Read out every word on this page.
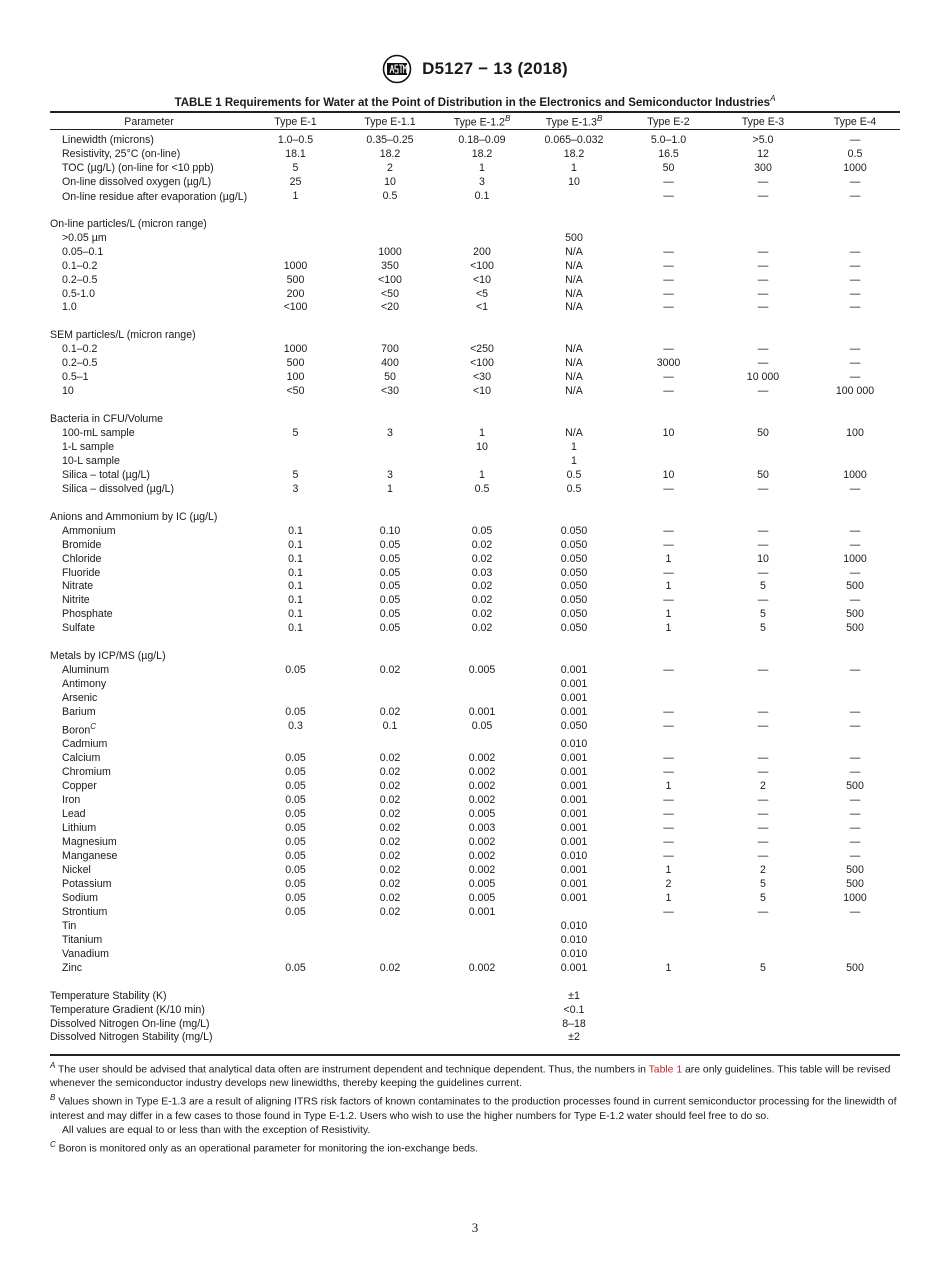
D5127 − 13 (2018)
TABLE 1 Requirements for Water at the Point of Distribution in the Electronics and Semiconductor Industries$^A$
Parameter	Type E-1	Type E-1.1	Type $E-1.2^B$	Type $E-1.3^B$	Type E-2	Type E-3	Type E-4
Linewidth (microns)	1.0–0.5	0.35–0.25	0.18–0.09	0.065–0.032	5.0–1.0	>5.0	—
Resistivity, 25°C (on-line)	18.1	18.2	18.2	18.2	16.5	12	0.5
TOC (µg/L) (on-line for <10 ppb)	5	2	1	1	50	300	1000
On-line dissolved oxygen (µg/L)	25	10	3	10	—	—	—
On-line residue after evaporation (µg/L)	1	0.5	0.1		—	—	—

On-line particles/L (micron range)							
>0.05 µm				500			
0.05–0.1		1000	200	N/A	—	—	—
0.1–0.2	1000	350	<100	N/A	—	—	—
0.2–0.5	500	<100	<10	N/A	—	—	—
0.5-1.0	200	<50	<5	N/A	—	—	—
1.0	<100	<20	<1	N/A	—	—	—

SEM particles/L (micron range)							
0.1–0.2	1000	700	<250	N/A	—	—	—
0.2–0.5	500	400	<100	N/A	3000	—	—
0.5–1	100	50	<30	N/A	—	10 000	—
10	<50	<30	<10	N/A	—	—	100 000

Bacteria in CFU/Volume							
100-mL sample	5	3	1	N/A	10	50	100
1-L sample			10	1			
10-L sample				1			
Silica – total (µg/L)	5	3	1	0.5	10	50	1000
Silica – dissolved (µg/L)	3	1	0.5	0.5	—	—	—

Anions and Ammonium by IC (µg/L)							
Ammonium	0.1	0.10	0.05	0.050	—	—	—
Bromide	0.1	0.05	0.02	0.050	—	—	—
Chloride	0.1	0.05	0.02	0.050	1	10	1000
Fluoride	0.1	0.05	0.03	0.050	—	—	—
Nitrate	0.1	0.05	0.02	0.050	1	5	500
Nitrite	0.1	0.05	0.02	0.050	—	—	—
Phosphate	0.1	0.05	0.02	0.050	1	5	500
Sulfate	0.1	0.05	0.02	0.050	1	5	500

Metals by ICP/MS (µg/L)							
Aluminum	0.05	0.02	0.005	0.001	—	—	—
Antimony				0.001			
Arsenic				0.001			
Barium	0.05	0.02	0.001	0.001	—	—	—
Boron$^C$	0.3	0.1	0.05	0.050	—	—	—
Cadmium				0.010			
Calcium	0.05	0.02	0.002	0.001	—	—	—
Chromium	0.05	0.02	0.002	0.001	—	—	—
Copper	0.05	0.02	0.002	0.001	1	2	500
Iron	0.05	0.02	0.002	0.001	—	—	—
Lead	0.05	0.02	0.005	0.001	—	—	—
Lithium	0.05	0.02	0.003	0.001	—	—	—
Magnesium	0.05	0.02	0.002	0.001	—	—	—
Manganese	0.05	0.02	0.002	0.010	—	—	—
Nickel	0.05	0.02	0.002	0.001	1	2	500
Potassium	0.05	0.02	0.005	0.001	2	5	500
Sodium	0.05	0.02	0.005	0.001	1	5	1000
Strontium	0.05	0.02	0.001		—	—	—
Tin				0.010			
Titanium				0.010			
Vanadium				0.010			
Zinc	0.05	0.02	0.002	0.001	1	5	500

Temperature Stability (K)				±1			
Temperature Gradient (K/10 min)				<0.1			
Dissolved Nitrogen On-line (mg/L)				8–18			
Dissolved Nitrogen Stability (mg/L)				±2			

$^A$ The user should be advised that analytical data often are instrument dependent and technique dependent. Thus, the numbers in Table 1 are only guidelines. This table will be revised whenever the semiconductor industry develops new linewidths, thereby keeping the guidelines current.

$^B$ Values shown in Type E-1.3 are a result of aligning ITRS risk factors of known contaminates to the production processes found in current semiconductor processing for the linewidth of interest and may differ in a few cases to those found in Type E-1.2. Users who wish to use the higher numbers for Type E-1.2 water should feel free to do so.

All values are equal to or less than with the exception of Resistivity.

$^C$ Boron is monitored only as an operational parameter for monitoring the ion-exchange beds.

3
